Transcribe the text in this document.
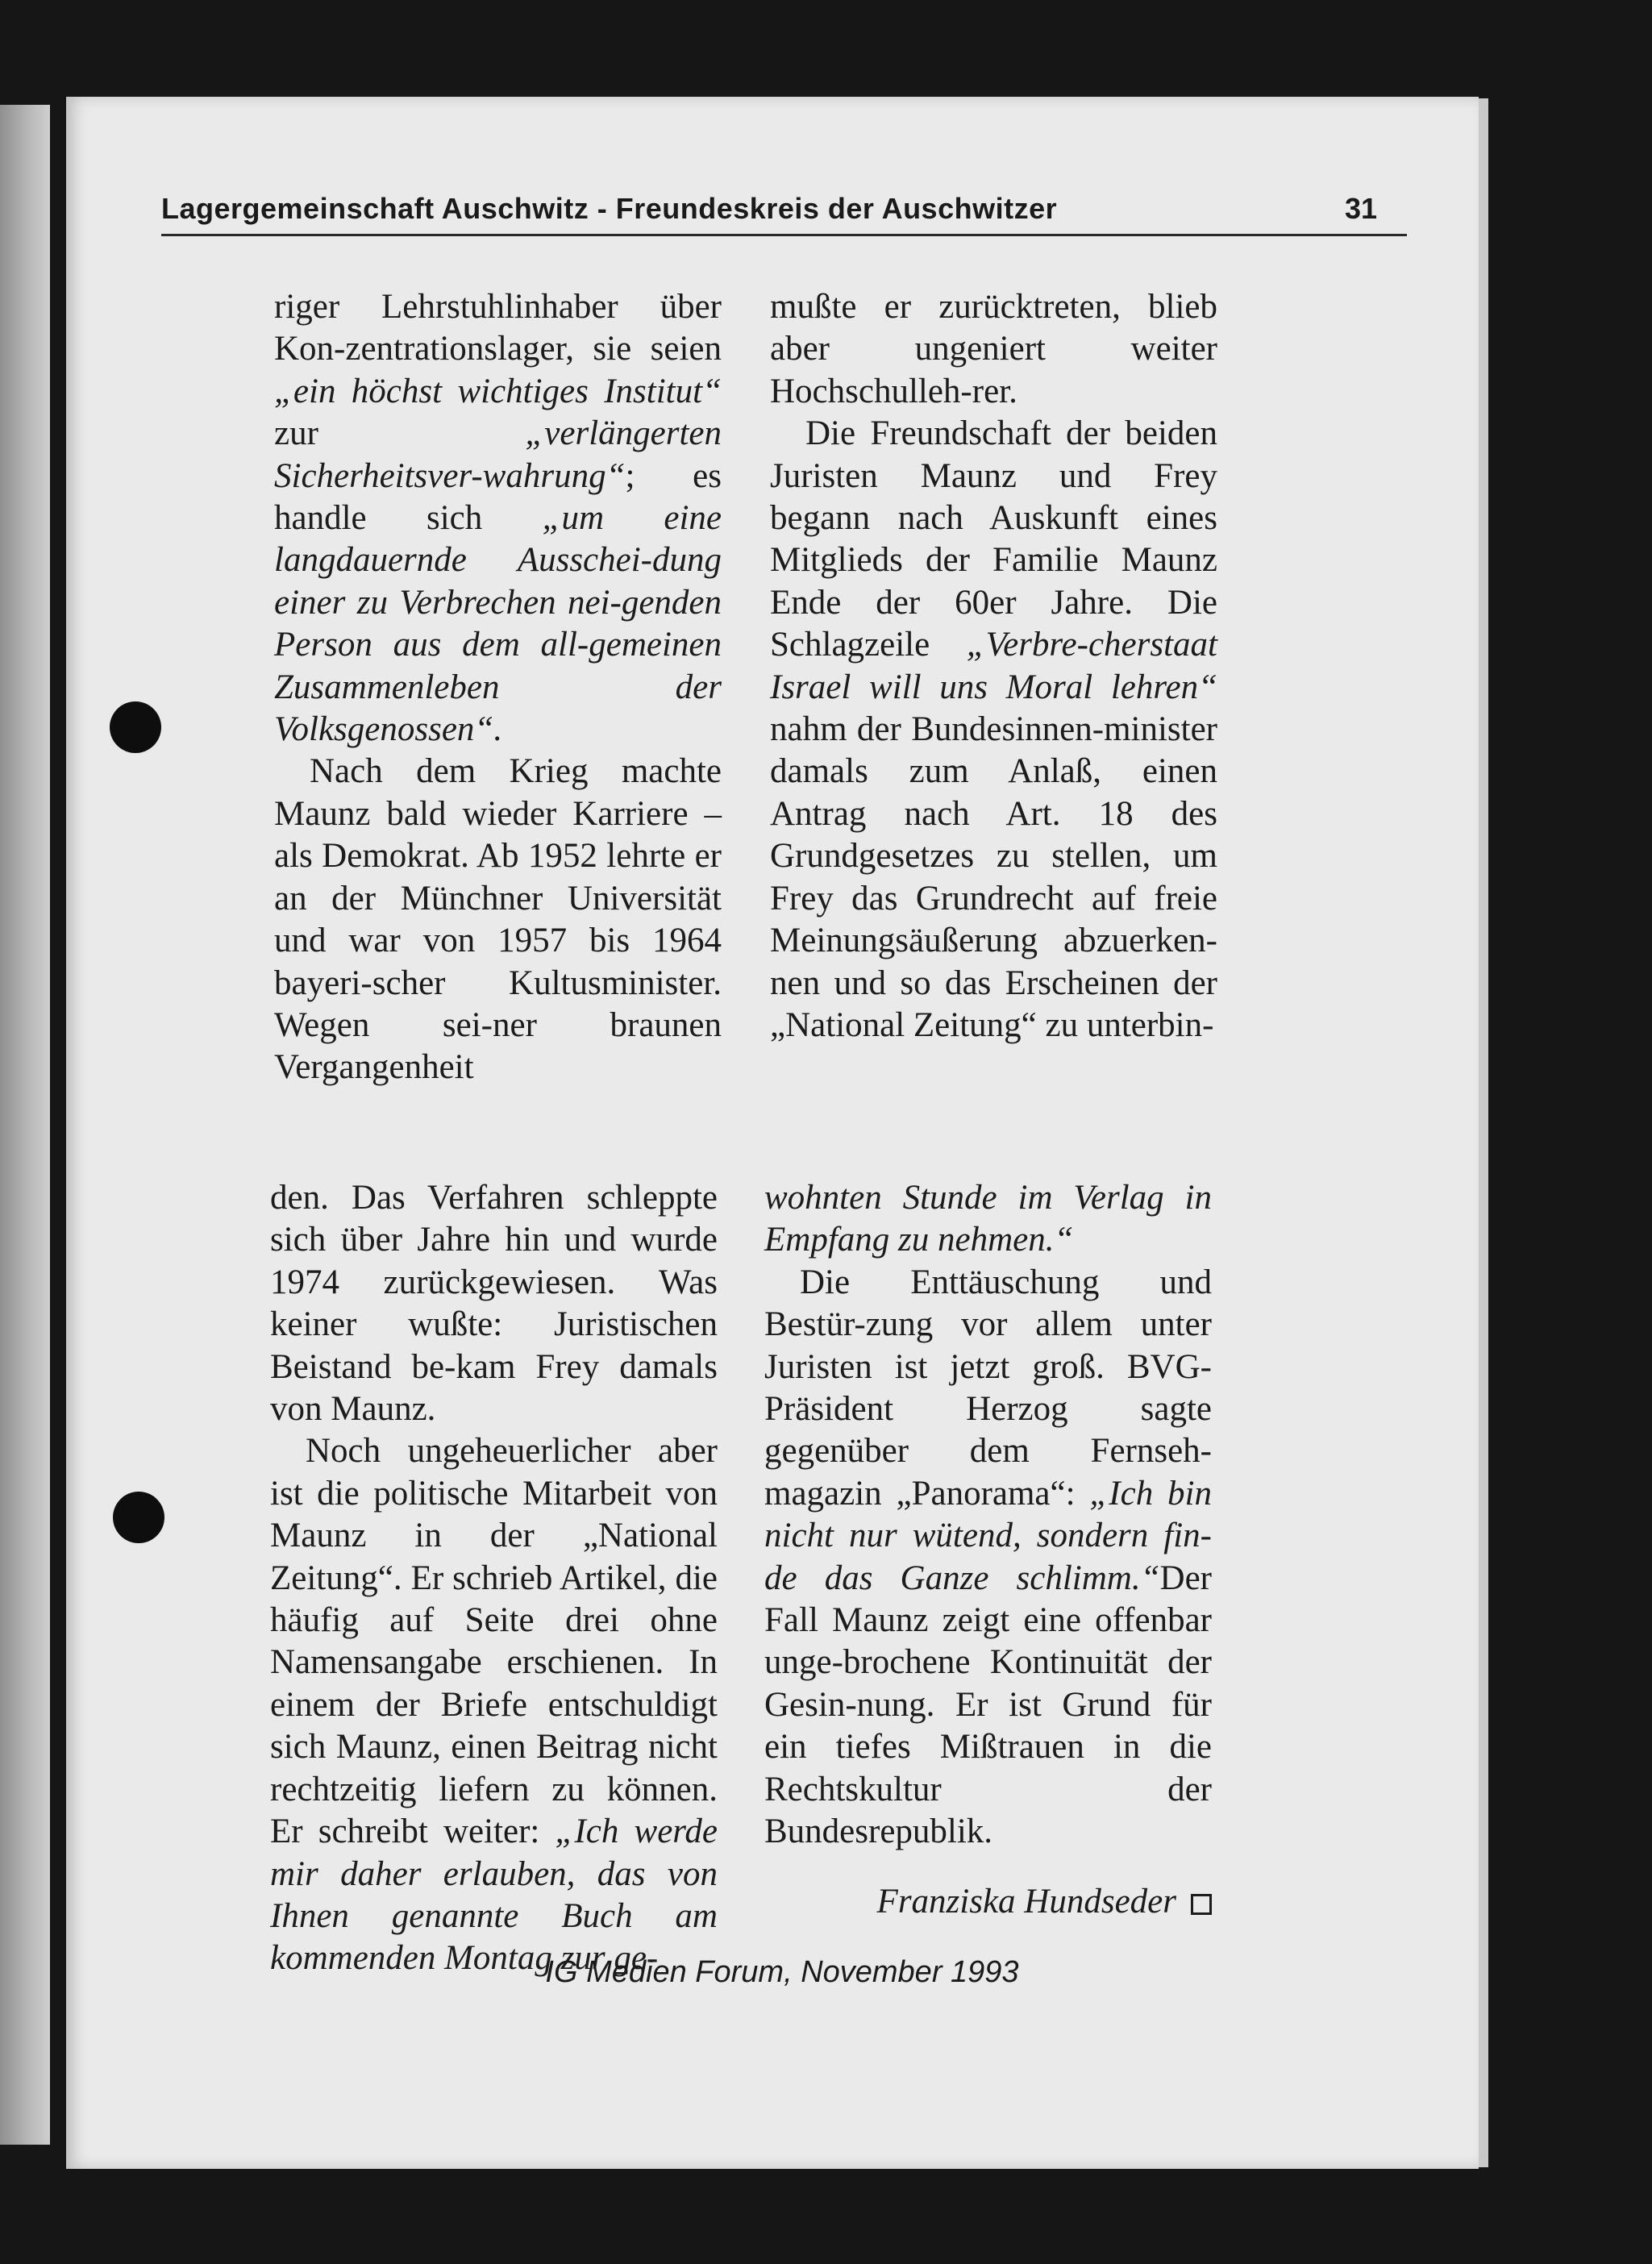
Lagergemeinschaft Auschwitz - Freundeskreis der Auschwitzer	31

riger Lehrstuhlinhaber über Kon-zentrationslager, sie seien „ein höchst wichtiges Institut“ zur „verlängerten Sicherheitsver-wahrung“; es handle sich „um eine langdauernde Ausschei-dung einer zu Verbrechen nei-genden Person aus dem all-gemeinen Zusammenleben der Volksgenossen“.

Nach dem Krieg machte Maunz bald wieder Karriere – als Demokrat. Ab 1952 lehrte er an der Münchner Universität und war von 1957 bis 1964 bayeri-scher Kultusminister. Wegen sei-ner braunen Vergangenheit

mußte er zurücktreten, blieb aber ungeniert weiter Hochschulleh-rer.

Die Freundschaft der beiden Juristen Maunz und Frey begann nach Auskunft eines Mitglieds der Familie Maunz Ende der 60er Jahre. Die Schlagzeile „Verbre-cherstaat Israel will uns Moral lehren“ nahm der Bundesinnen-minister damals zum Anlaß, einen Antrag nach Art. 18 des Grundgesetzes zu stellen, um Frey das Grundrecht auf freie Meinungsäußerung abzuerken-nen und so das Erscheinen der „National Zeitung“ zu unterbin-

den. Das Verfahren schleppte sich über Jahre hin und wurde 1974 zurückgewiesen. Was keiner wußte: Juristischen Beistand be-kam Frey damals von Maunz.

Noch ungeheuerlicher aber ist die politische Mitarbeit von Maunz in der „National Zeitung“. Er schrieb Artikel, die häufig auf Seite drei ohne Namensangabe erschienen. In einem der Briefe entschuldigt sich Maunz, einen Beitrag nicht rechtzeitig liefern zu können. Er schreibt weiter: „Ich werde mir daher erlauben, das von Ihnen genannte Buch am kommenden Montag zur ge-

wohnten Stunde im Verlag in Empfang zu nehmen.“

Die Enttäuschung und Bestür-zung vor allem unter Juristen ist jetzt groß. BVG-Präsident Herzog sagte gegenüber dem Fernseh-magazin „Panorama“: „Ich bin nicht nur wütend, sondern fin-de das Ganze schlimm.“Der Fall Maunz zeigt eine offenbar unge-brochene Kontinuität der Gesin-nung. Er ist Grund für ein tiefes Mißtrauen in die Rechtskultur der Bundesrepublik.

Franziska Hundseder

IG Medien Forum, November 1993
